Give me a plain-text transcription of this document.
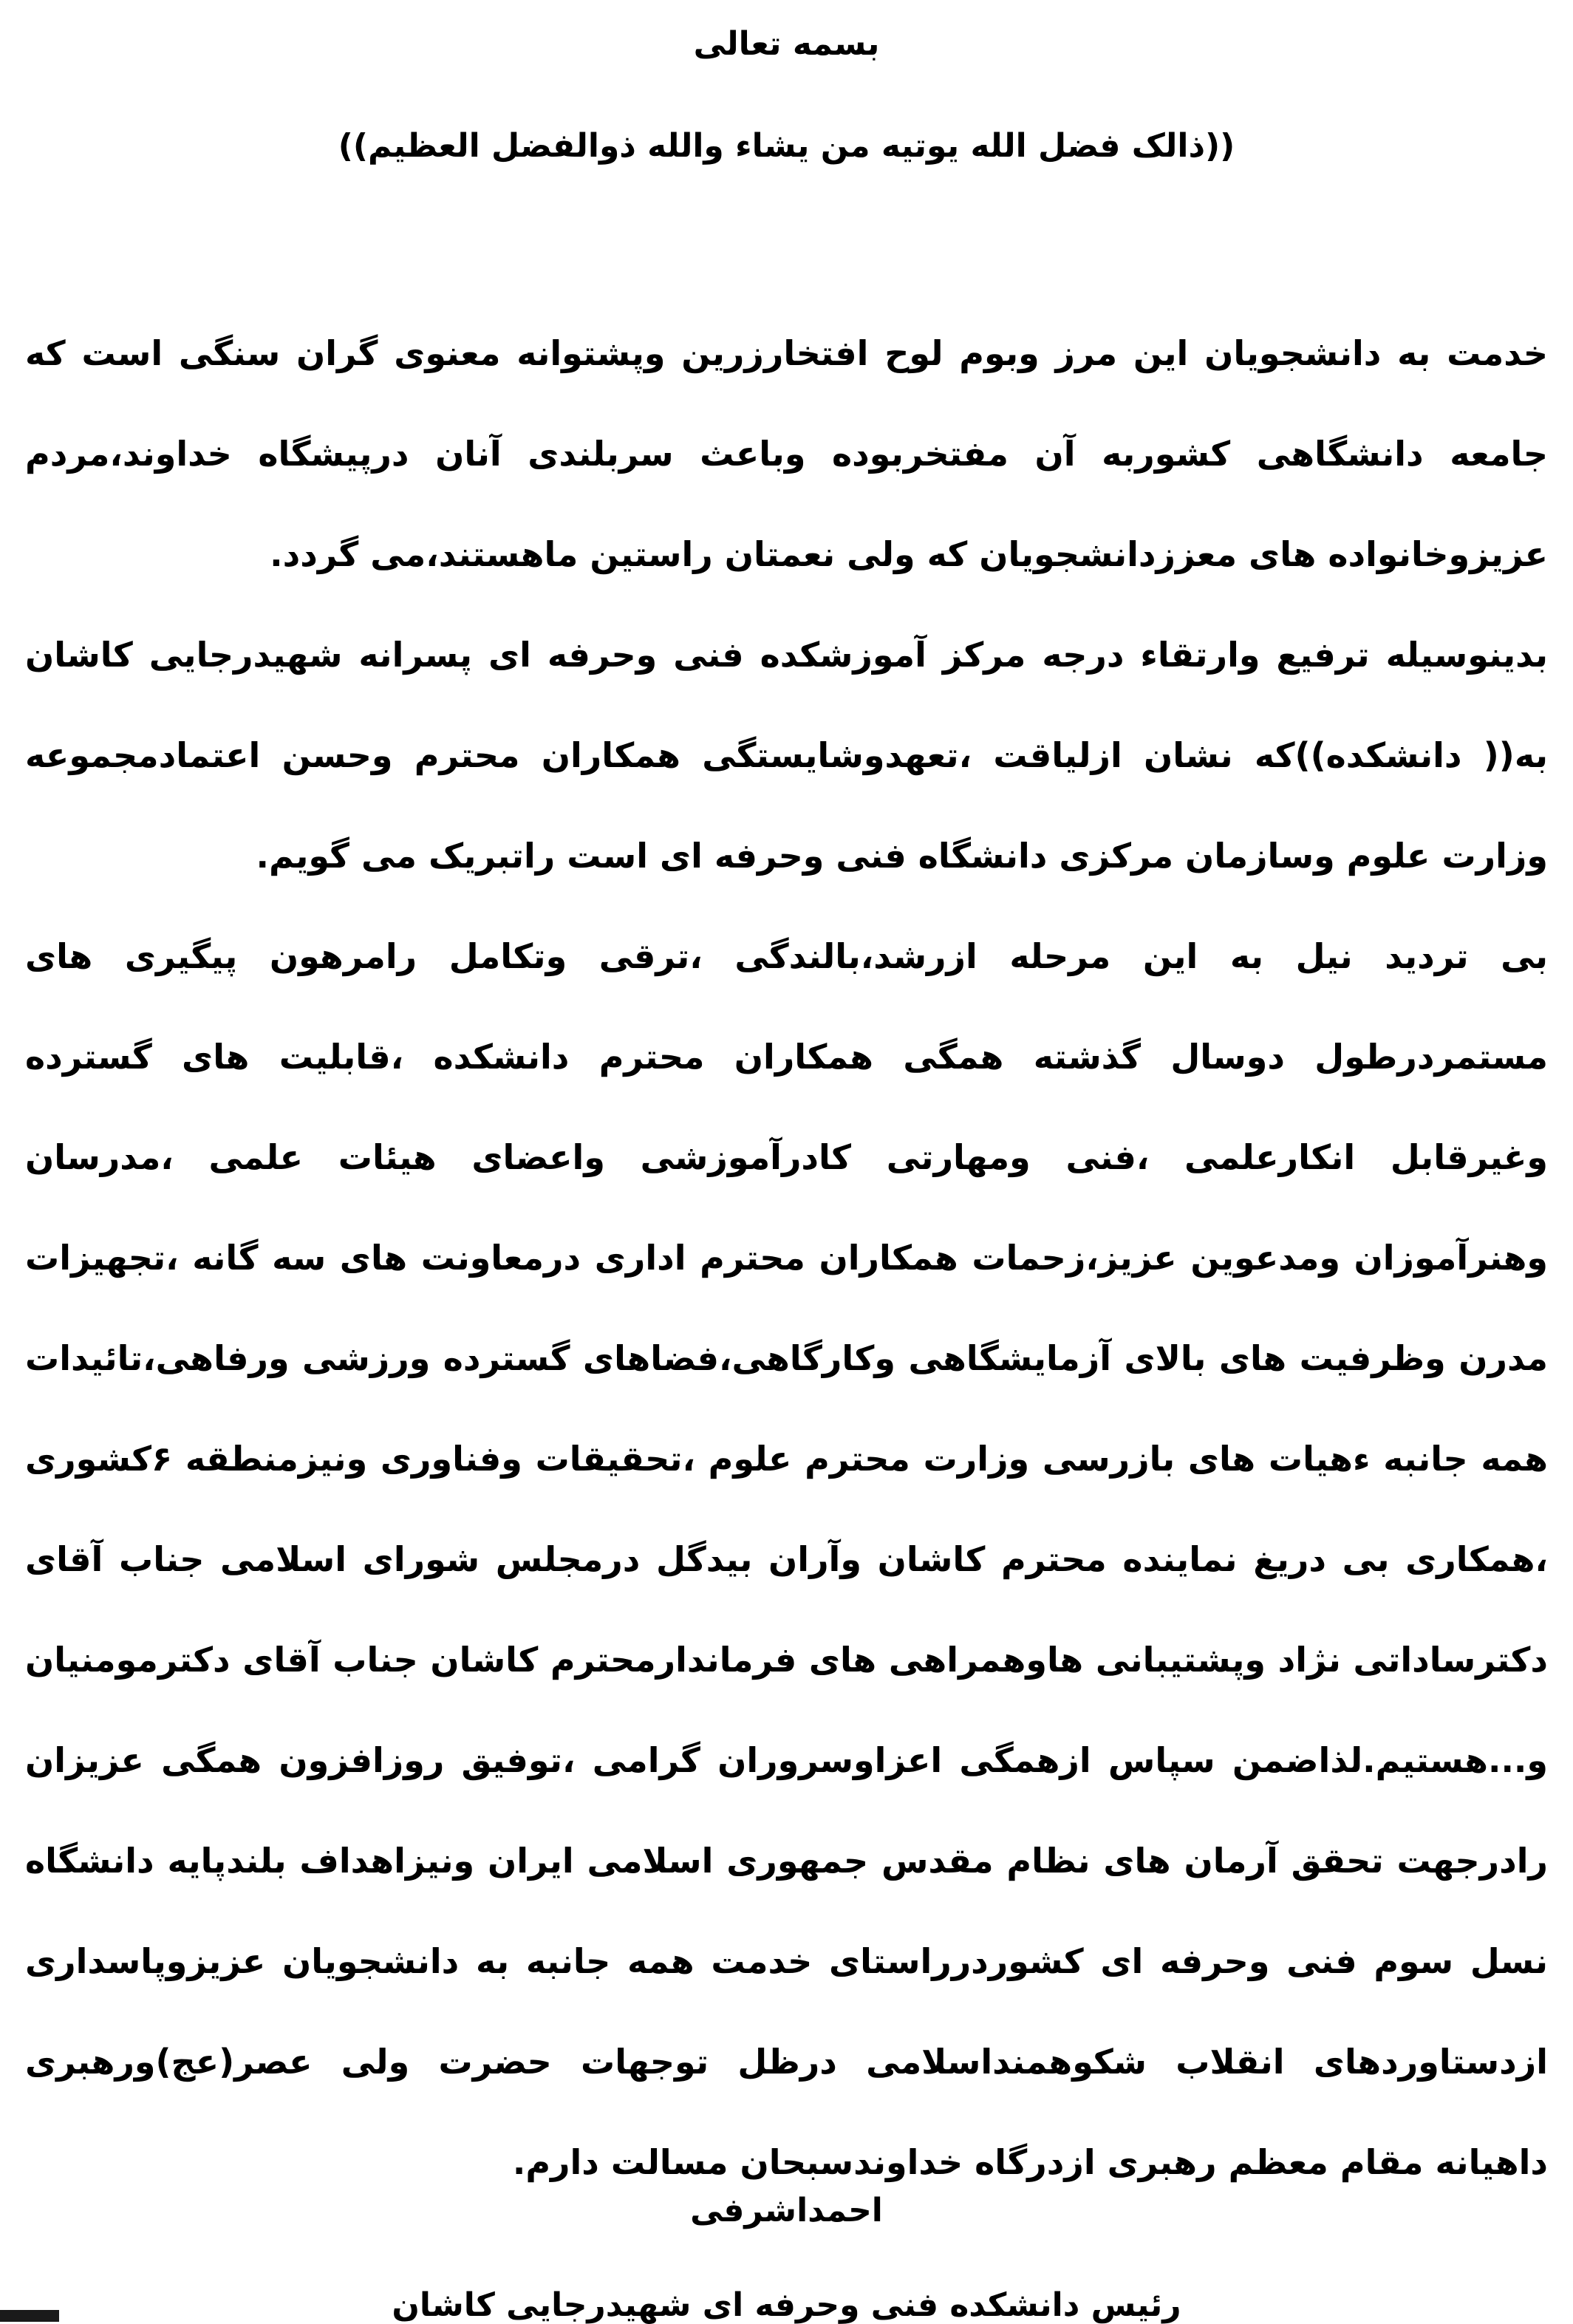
بسمه تعالی
((ذالک فضل الله یوتیه من یشاء والله ذوالفضل العظیم))

خدمت به دانشجویان این مرز وبوم لوح افتخارزرین وپشتوانه معنوی گران سنگی است که جامعه دانشگاهی کشوربه آن مفتخربوده وباعث سربلندی آنان درپیشگاه خداوند،مردم عزیزوخانواده های معززدانشجویان که ولی نعمتان راستین ماهستند،می گردد.

بدینوسیله ترفیع وارتقاء درجه مرکز آموزشکده فنی وحرفه ای پسرانه شهیدرجایی کاشان به(( دانشکده))که نشان ازلیاقت ،تعهدوشایستگی همکاران محترم وحسن اعتمادمجموعه وزارت علوم وسازمان مرکزی دانشگاه فنی وحرفه ای است راتبریک می گویم.

بی تردید نیل به این مرحله ازرشد،بالندگی ،ترقی وتکامل رامرهون پیگیری های مستمردرطول دوسال گذشته همگی همکاران محترم دانشکده ،قابلیت های گسترده وغیرقابل انکارعلمی ،فنی ومهارتی کادرآموزشی واعضای هیئات علمی ،مدرسان وهنرآموزان ومدعوین عزیز،زحمات همکاران محترم اداری درمعاونت های سه گانه ،تجهیزات مدرن وظرفیت های بالای آزمایشگاهی وکارگاهی،فضاهای گسترده ورزشی ورفاهی،تائیدات همه جانبه ءهیات های بازرسی وزارت محترم علوم ،تحقیقات وفناوری ونیزمنطقه ۶کشوری ،همکاری بی دریغ نماینده محترم کاشان وآران بیدگل درمجلس شورای اسلامی جناب آقای دکترساداتی نژاد وپشتیبانی هاوهمراهی های فرماندارمحترم کاشان جناب آقای دکترمومنیان و...هستیم.لذاضمن سپاس ازهمگی اعزاوسروران گرامی ،توفیق روزافزون همگی عزیزان رادرجهت تحقق آرمان های نظام مقدس جمهوری اسلامی ایران ونیزاهداف بلندپایه دانشگاه نسل سوم فنی وحرفه ای کشوردرراستای خدمت همه جانبه به دانشجویان عزیزوپاسداری ازدستاوردهای انقلاب شکوهمنداسلامی درظل توجهات حضرت ولی عصر(عج)ورهبری داهیانه مقام معظم رهبری ازدرگاه خداوندسبحان مسالت دارم.

احمداشرفی
رئیس دانشکده فنی وحرفه ای شهیدرجایی کاشان
